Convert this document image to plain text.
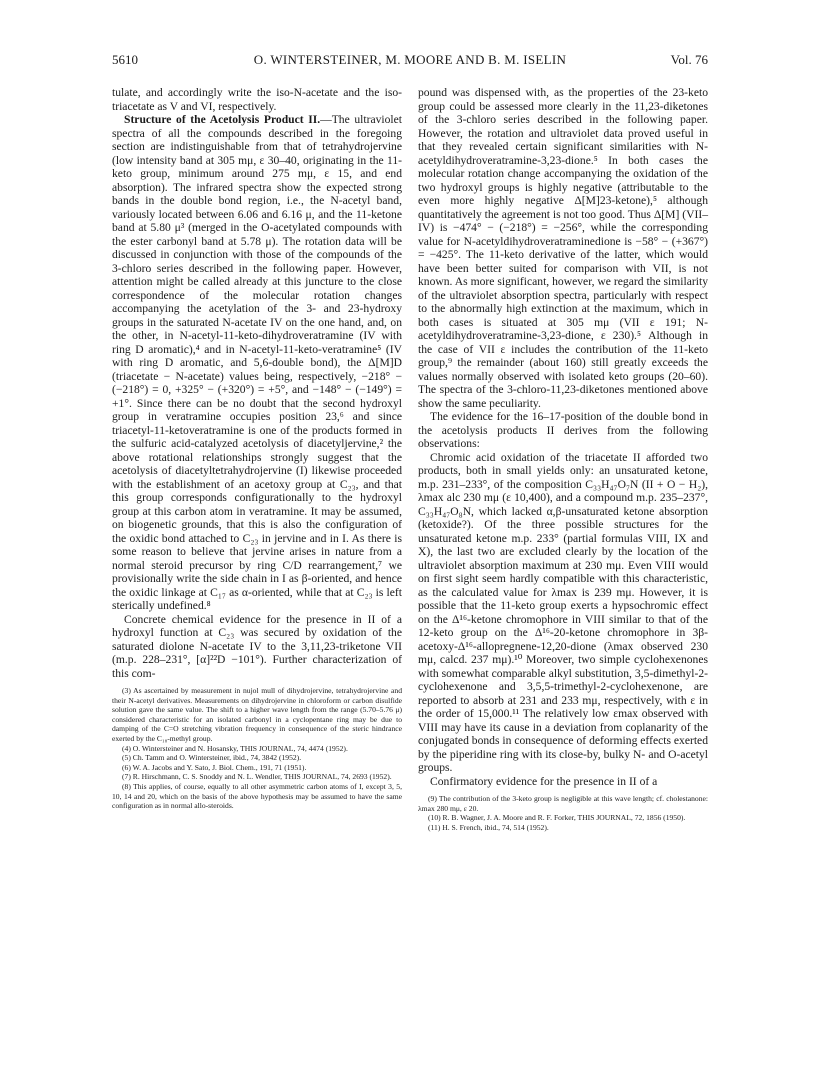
5610	O. WINTERSTEINER, M. MOORE AND B. M. ISELIN	Vol. 76

tulate, and accordingly write the iso-N-acetate and the iso-triacetate as V and VI, respectively.

Structure of the Acetolysis Product II.—The ultraviolet spectra of all the compounds described in the foregoing section are indistinguishable from that of tetrahydrojervine (low intensity band at 305 mμ, ε 30–40, originating in the 11-keto group, minimum around 275 mμ, ε 15, and end absorption). The infrared spectra show the expected strong bands in the double bond region, i.e., the N-acetyl band, variously located between 6.06 and 6.16 μ, and the 11-ketone band at 5.80 μ³ (merged in the O-acetylated compounds with the ester carbonyl band at 5.78 μ). The rotation data will be discussed in conjunction with those of the compounds of the 3-chloro series described in the following paper. However, attention might be called already at this juncture to the close correspondence of the molecular rotation changes accompanying the acetylation of the 3- and 23-hydroxy groups in the saturated N-acetate IV on the one hand, and, on the other, in N-acetyl-11-keto-dihydroveratramine (IV with ring D aromatic),⁴ and in N-acetyl-11-keto-veratramine⁵ (IV with ring D aromatic, and 5,6-double bond), the Δ[M]D (triacetate − N-acetate) values being, respectively, −218° − (−218°) = 0, +325° − (+320°) = +5°, and −148° − (−149°) = +1°. Since there can be no doubt that the second hydroxyl group in veratramine occupies position 23,⁶ and since triacetyl-11-ketoveratramine is one of the products formed in the sulfuric acid-catalyzed acetolysis of diacetyljervine,² the above rotational relationships strongly suggest that the acetolysis of diacetyltetrahydrojervine (I) likewise proceeded with the establishment of an acetoxy group at C₂₃, and that this group corresponds configurationally to the hydroxyl group at this carbon atom in veratramine. It may be assumed, on biogenetic grounds, that this is also the configuration of the oxidic bond attached to C₂₃ in jervine and in I. As there is some reason to believe that jervine arises in nature from a normal steroid precursor by ring C/D rearrangement,⁷ we provisionally write the side chain in I as β-oriented, and hence the oxidic linkage at C₁₇ as α-oriented, while that at C₂₃ is left sterically undefined.⁸

Concrete chemical evidence for the presence in II of a hydroxyl function at C₂₃ was secured by oxidation of the saturated diolone N-acetate IV to the 3,11,23-triketone VII (m.p. 228–231°, [α]²²D −101°). Further characterization of this com-

(3) As ascertained by measurement in nujol mull of dihydrojervine, tetrahydrojervine and their N-acetyl derivatives. Measurements on dihydrojervine in chloroform or carbon disulfide solution gave the same value. The shift to a higher wave length from the range (5.70–5.76 μ) considered characteristic for an isolated carbonyl in a cyclopentane ring may be due to damping of the C=O stretching vibration frequency in consequence of the steric hindrance exerted by the C₁₈-methyl group.

(4) O. Wintersteiner and N. Hosansky, THIS JOURNAL, 74, 4474 (1952).

(5) Ch. Tamm and O. Wintersteiner, ibid., 74, 3842 (1952).

(6) W. A. Jacobs and Y. Sato, J. Biol. Chem., 191, 71 (1951).

(7) R. Hirschmann, C. S. Snoddy and N. L. Wendler, THIS JOURNAL, 74, 2693 (1952).

(8) This applies, of course, equally to all other asymmetric carbon atoms of I, except 3, 5, 10, 14 and 20, which on the basis of the above hypothesis may be assumed to have the same configuration as in normal allo-steroids.

pound was dispensed with, as the properties of the 23-keto group could be assessed more clearly in the 11,23-diketones of the 3-chloro series described in the following paper. However, the rotation and ultraviolet data proved useful in that they revealed certain significant similarities with N-acetyldihydroveratramine-3,23-dione.⁵ In both cases the molecular rotation change accompanying the oxidation of the two hydroxyl groups is highly negative (attributable to the even more highly negative Δ[M]23-ketone),⁵ although quantitatively the agreement is not too good. Thus Δ[M] (VII–IV) is −474° − (−218°) = −256°, while the corresponding value for N-acetyldihydroveratraminedione is −58° − (+367°) = −425°. The 11-keto derivative of the latter, which would have been better suited for comparison with VII, is not known. As more significant, however, we regard the similarity of the ultraviolet absorption spectra, particularly with respect to the abnormally high extinction at the maximum, which in both cases is situated at 305 mμ (VII ε 191; N-acetyldihydroveratramine-3,23-dione, ε 230).⁵ Although in the case of VII ε includes the contribution of the 11-keto group,⁹ the remainder (about 160) still greatly exceeds the values normally observed with isolated keto groups (20–60). The spectra of the 3-chloro-11,23-diketones mentioned above show the same peculiarity.

The evidence for the 16–17-position of the double bond in the acetolysis products II derives from the following observations:

Chromic acid oxidation of the triacetate II afforded two products, both in small yields only: an unsaturated ketone, m.p. 231–233°, of the composition C₃₃H₄₇O₇N (II + O − H₂), λmax alc 230 mμ (ε 10,400), and a compound m.p. 235–237°, C₃₃H₄₇O₈N, which lacked α,β-unsaturated ketone absorption (ketoxide?). Of the three possible structures for the unsaturated ketone m.p. 233° (partial formulas VIII, IX and X), the last two are excluded clearly by the location of the ultraviolet absorption maximum at 230 mμ. Even VIII would on first sight seem hardly compatible with this characteristic, as the calculated value for λmax is 239 mμ. However, it is possible that the 11-keto group exerts a hypsochromic effect on the Δ¹⁶-ketone chromophore in VIII similar to that of the 12-keto group on the Δ¹⁶-20-ketone chromophore in 3β-acetoxy-Δ¹⁶-allopregnene-12,20-dione (λmax observed 230 mμ, calcd. 237 mμ).¹⁰ Moreover, two simple cyclohexenones with somewhat comparable alkyl substitution, 3,5-dimethyl-2-cyclohexenone and 3,5,5-trimethyl-2-cyclohexenone, are reported to absorb at 231 and 233 mμ, respectively, with ε in the order of 15,000.¹¹ The relatively low εmax observed with VIII may have its cause in a deviation from coplanarity of the conjugated bonds in consequence of deforming effects exerted by the piperidine ring with its close-by, bulky N- and O-acetyl groups.

Confirmatory evidence for the presence in II of a

(9) The contribution of the 3-keto group is negligible at this wave length; cf. cholestanone: λmax 280 mμ, ε 20.

(10) R. B. Wagner, J. A. Moore and R. F. Forker, THIS JOURNAL, 72, 1856 (1950).

(11) H. S. French, ibid., 74, 514 (1952).
